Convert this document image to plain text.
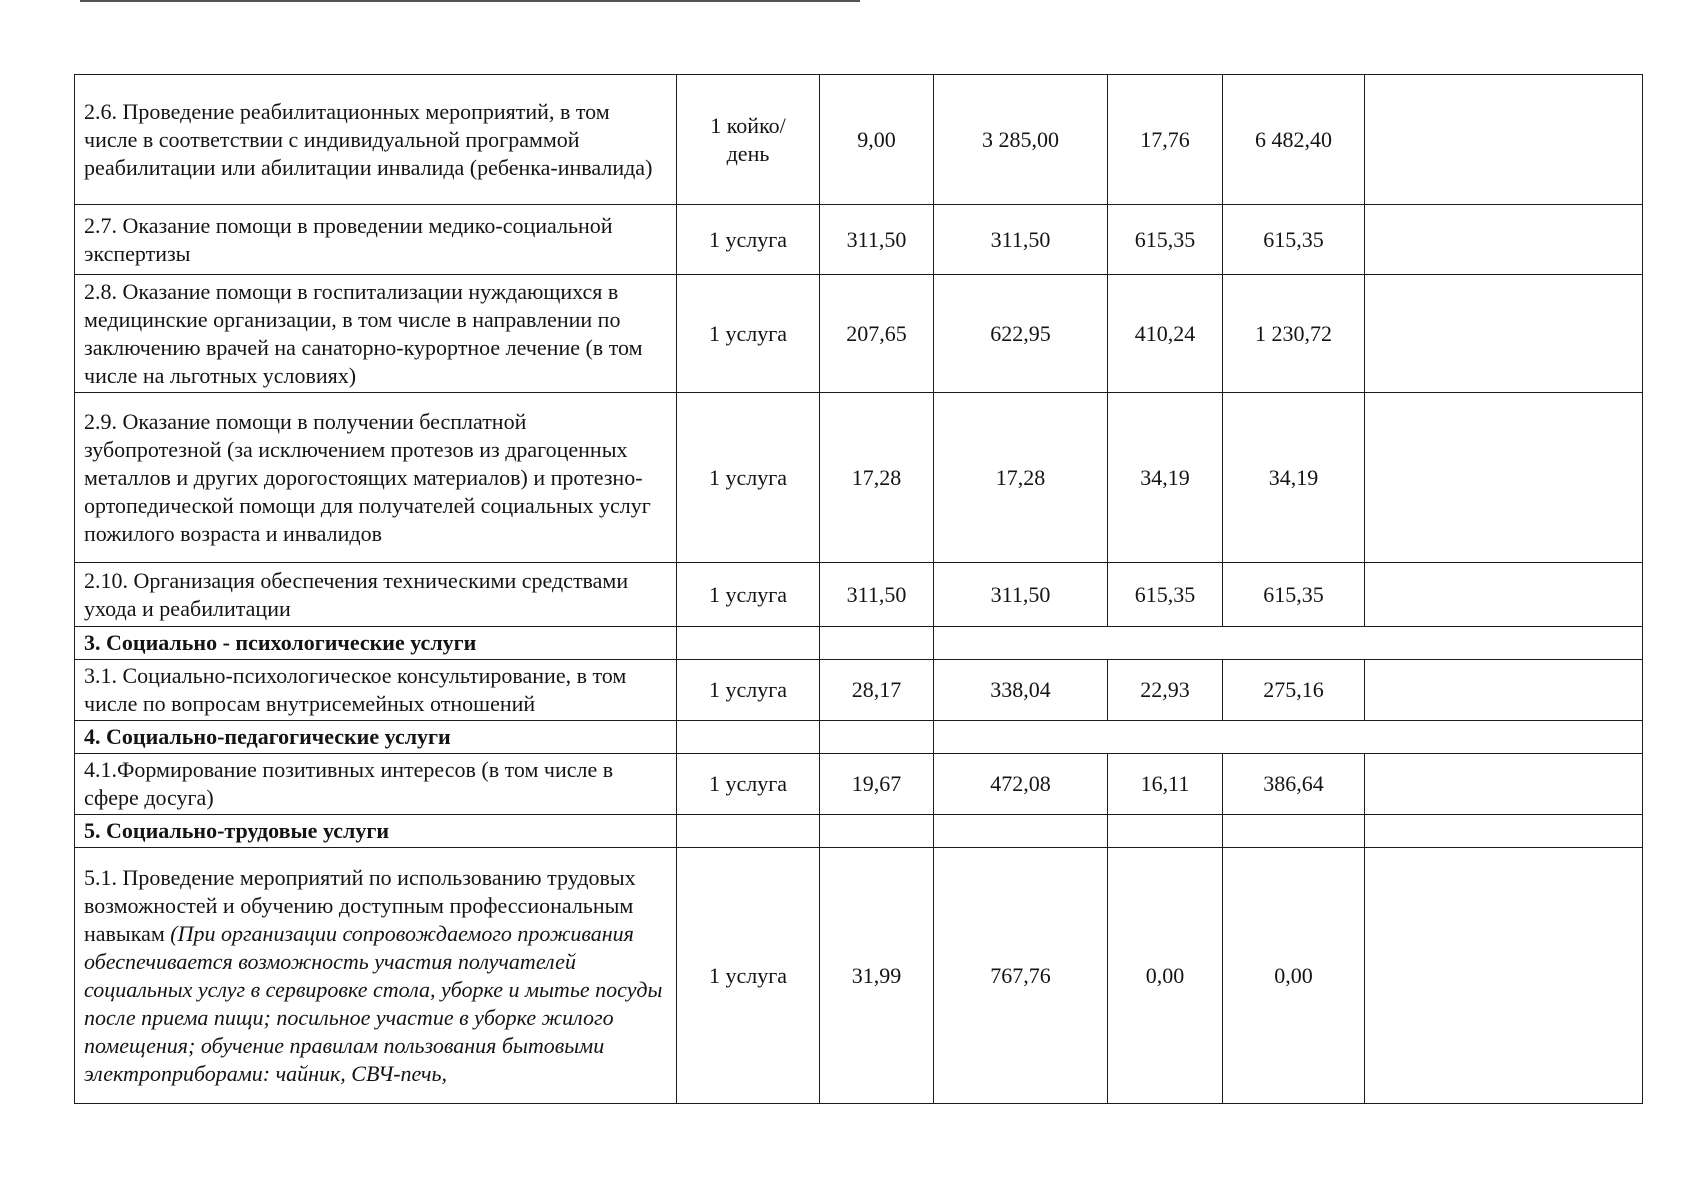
2.6. Проведение реабилитационных мероприятий, в том числе в соответствии с индивидуальной программой реабилитации или абилитации инвалида (ребенка-инвалида)	1 койко/день	9,00	3 285,00	17,76	6 482,40	
2.7. Оказание помощи в проведении медико-социальной экспертизы	1 услуга	311,50	311,50	615,35	615,35	
2.8. Оказание помощи в госпитализации нуждающихся в медицинские организации, в том числе в направлении по заключению врачей на санаторно-курортное лечение (в том числе на льготных условиях)	1 услуга	207,65	622,95	410,24	1 230,72	
2.9. Оказание помощи в получении бесплатной зубопротезной (за исключением протезов из драгоценных металлов и других дорогостоящих материалов) и протезно-ортопедической помощи для получателей социальных услуг пожилого возраста и инвалидов	1 услуга	17,28	17,28	34,19	34,19	
2.10. Организация обеспечения техническими средствами ухода и реабилитации	1 услуга	311,50	311,50	615,35	615,35	
3. Социально - психологические услуги						
3.1. Социально-психологическое консультирование, в том числе по вопросам внутрисемейных отношений	1 услуга	28,17	338,04	22,93	275,16	
4. Социально-педагогические услуги						
4.1.Формирование позитивных интересов (в том числе в сфере досуга)	1 услуга	19,67	472,08	16,11	386,64	
5. Социально-трудовые услуги						
5.1. Проведение мероприятий по использованию трудовых возможностей и обучению доступным профессиональным навыкам (При организации сопровождаемого проживания обеспечивается возможность участия получателей социальных услуг в сервировке стола, уборке и мытье посуды после приема пищи; посильное участие в уборке жилого помещения; обучение правилам пользования бытовыми электроприборами: чайник, СВЧ-печь,	1 услуга	31,99	767,76	0,00	0,00	
